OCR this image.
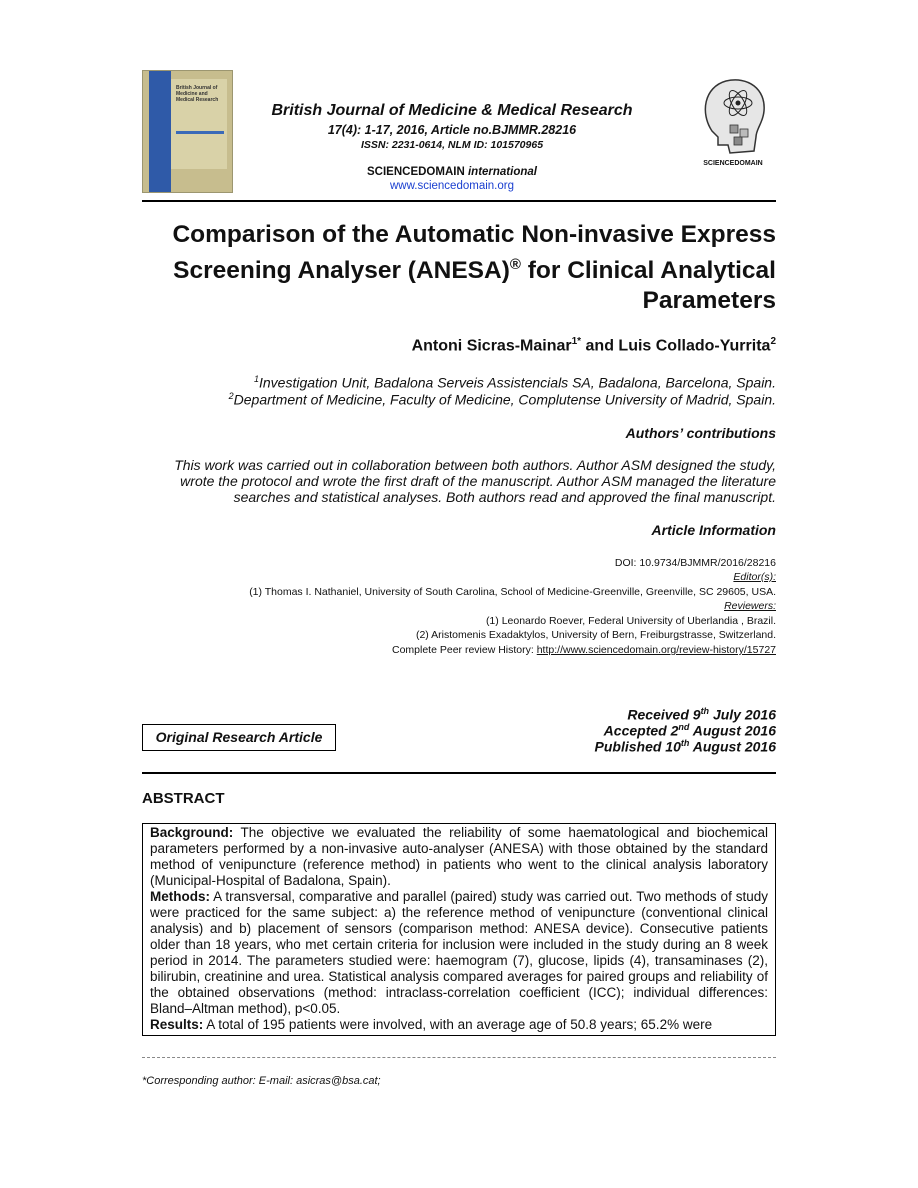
British Journal of Medicine and Medical Research
British Journal of Medicine & Medical Research
17(4): 1-17, 2016, Article no.BJMMR.28216
ISSN: 2231-0614, NLM ID: 101570965
SCIENCEDOMAIN international
www.sciencedomain.org
SCIENCEDOMAIN
Comparison of the Automatic Non-invasive Express
Screening Analyser (ANESA)® for Clinical Analytical
Parameters
Antoni Sicras-Mainar$^{1*}$ and Luis Collado-Yurrita$^2$
$^1$Investigation Unit, Badalona Serveis Assistencials SA, Badalona, Barcelona, Spain.
$^2$Department of Medicine, Faculty of Medicine, Complutense University of Madrid, Spain.
Authors’ contributions
This work was carried out in collaboration between both authors. Author ASM designed the study,
wrote the protocol and wrote the first draft of the manuscript. Author ASM managed the literature
searches and statistical analyses. Both authors read and approved the final manuscript.
Article Information
DOI: 10.9734/BJMMR/2016/28216
Editor(s):
(1) Thomas I. Nathaniel, University of South Carolina, School of Medicine-Greenville, Greenville, SC 29605, USA.
Reviewers:
(1) Leonardo Roever, Federal University of Uberlandia , Brazil.
(2) Aristomenis Exadaktylos, University of Bern, Freiburgstrasse, Switzerland.
Complete Peer review History: http://www.sciencedomain.org/review-history/15727
Original Research Article
Received 9th July 2016
Accepted 2nd August 2016
Published 10th August 2016
ABSTRACT
Background: The objective we evaluated the reliability of some haematological and biochemical parameters performed by a non-invasive auto-analyser (ANESA) with those obtained by the standard method of venipuncture (reference method) in patients who went to the clinical analysis laboratory (Municipal-Hospital of Badalona, Spain).
Methods: A transversal, comparative and parallel (paired) study was carried out. Two methods of study were practiced for the same subject: a) the reference method of venipuncture (conventional clinical analysis) and b) placement of sensors (comparison method: ANESA device). Consecutive patients older than 18 years, who met certain criteria for inclusion were included in the study during an 8 week period in 2014. The parameters studied were: haemogram (7), glucose, lipids (4), transaminases (2), bilirubin, creatinine and urea. Statistical analysis compared averages for paired groups and reliability of the obtained observations (method: intraclass-correlation coefficient (ICC); individual differences: Bland–Altman method), p<0.05.
Results: A total of 195 patients were involved, with an average age of 50.8 years; 65.2% were
*Corresponding author: E-mail: asicras@bsa.cat;
